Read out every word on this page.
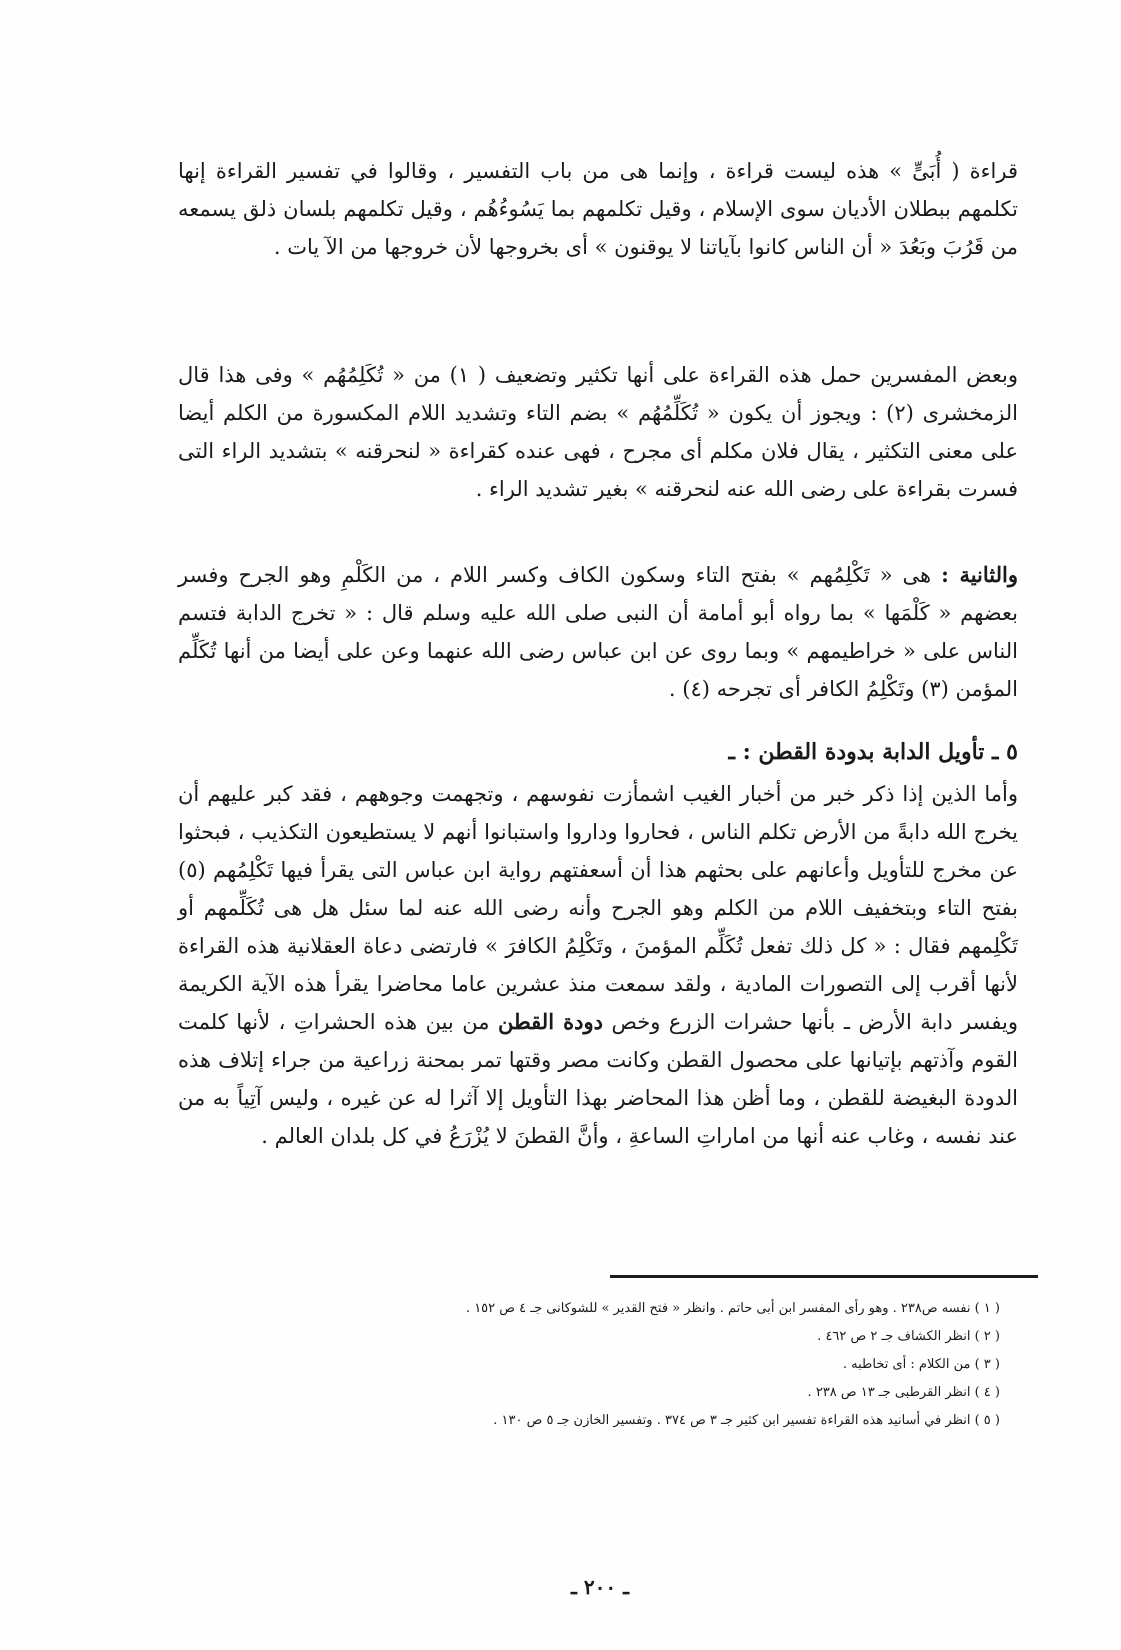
قراءة ( أُبَىٍّ » هذه ليست قراءة ، وإنما هى من باب التفسير ، وقالوا في تفسير القراءة إنها تكلمهم ببطلان الأديان سوى الإسلام ، وقيل تكلمهم بما يَسُوءُهُم ، وقيل تكلمهم بلسان ذلق يسمعه من قَرُبَ وبَعُدَ « أن الناس كانوا بآياتنا لا يوقنون » أى بخروجها لأن خروجها من الآ يات .

وبعض المفسرين حمل هذه القراءة على أنها تكثير وتضعيف ( ١) من « تُكَلِمُهُم » وفى هذا قال الزمخشرى (٢) : ويجوز أن يكون « تُكَلِّمُهُم » بضم التاء وتشديد اللام المكسورة من الكلم أيضا على معنى التكثير ، يقال فلان مكلم أى مجرح ، فهى عنده كقراءة « لنحرقنه » بتشديد الراء التى فسرت بقراءة على رضى الله عنه لنحرقنه » بغير تشديد الراء .

والثانية : هى « تَكْلِمُهم » بفتح التاء وسكون الكاف وكسر اللام ، من الكَلْمِ وهو الجرح وفسر بعضهم « كَلْمَها » بما رواه أبو أمامة أن النبى صلى الله عليه وسلم قال : « تخرج الدابة فتسم الناس على « خراطيمهم » وبما روى عن ابن عباس رضى الله عنهما وعن على أيضا من أنها تُكَلِّم المؤمن (٣) وتَكْلِمُ الكافر أى تجرحه (٤) .

٥ ـ تأويل الدابة بدودة القطن : ـ

وأما الذين إذا ذكر خبر من أخبار الغيب اشمأزت نفوسهم ، وتجهمت وجوههم ، فقد كبر عليهم أن يخرج الله دابةً من الأرض تكلم الناس ، فحاروا وداروا واستبانوا أنهم لا يستطيعون التكذيب ، فبحثوا عن مخرج للتأويل وأعانهم على بحثهم هذا أن أسعفتهم رواية ابن عباس التى يقرأ فيها تَكْلِمُهم (٥) بفتح التاء وبتخفيف اللام من الكلم وهو الجرح وأنه رضى الله عنه لما سئل هل هى تُكَلِّمهم أو تَكْلِمهم فقال : « كل ذلك تفعل تُكَلِّم المؤمنَ ، وتَكْلِمُ الكافرَ » فارتضى دعاة العقلانية هذه القراءة لأنها أقرب إلى التصورات المادية ، ولقد سمعت منذ عشرين عاما محاضرا يقرأ هذه الآية الكريمة ويفسر دابة الأرض ـ بأنها حشرات الزرع وخص دودة القطن من بين هذه الحشراتِ ، لأنها كلمت القوم وآذتهم بإتيانها على محصول القطن وكانت مصر وقتها تمر بمحنة زراعية من جراء إتلاف هذه الدودة البغيضة للقطن ، وما أظن هذا المحاضر بهذا التأويل إلا آثرا له عن غيره ، وليس آتِياً به من عند نفسه ، وغاب عنه أنها من اماراتِ الساعةِ ، وأنَّ القطنَ لا يُزْرَعُ في كل بلدان العالم .

( ١ ) نفسه ص٢٣٨ . وهو رأى المفسر ابن أبى حاتم . وانظر « فتح القدير » للشوكانى جـ ٤ ص ١٥٢ .

( ٢ ) انظر الكشاف جـ ٢ ص ٤٦٢ .

( ٣ ) من الكلام : أى تخاطبه .

( ٤ ) انظر القرطبى جـ ١٣ ص ٢٣٨ .

( ٥ ) انظر في أسانيد هذه القراءة تفسير ابن كثير جـ ٣ ص ٣٧٤ . وتفسير الخازن جـ ٥ ص ١٣٠ .

ـ ٢٠٠ ـ
